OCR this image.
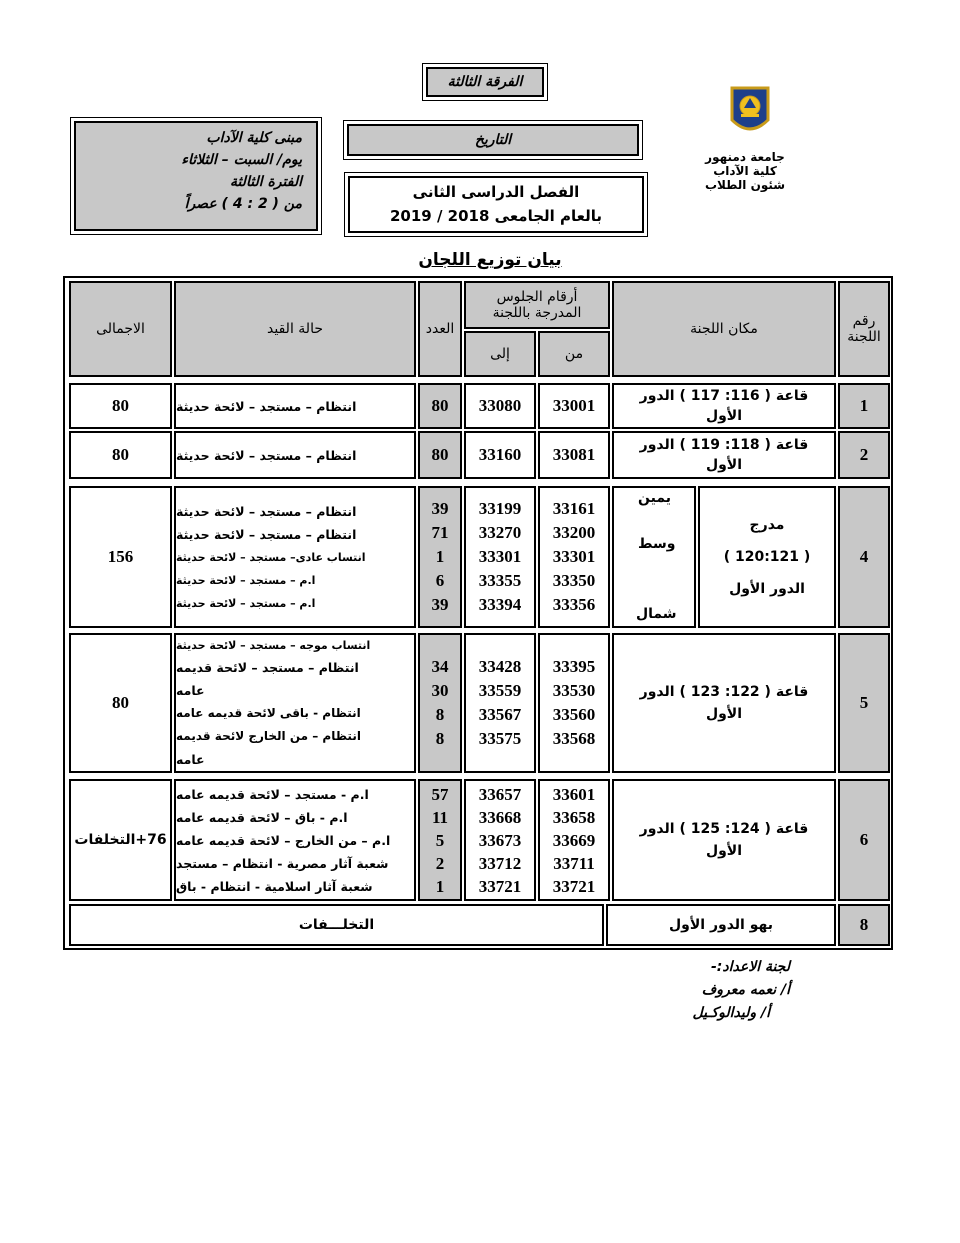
الفرقة الثالثة
التاريخ
الفصل الدراسى الثانى
بالعام الجامعى 2018 / 2019
مبنى كلية الآداب
يوم/ السبت – الثلاثاء
الفترة الثالثة
من ( 2 : 4 ) عصراً
جامعة دمنهور
كلية الآداب
شئون الطلاب
بيان توزيع اللجان
رقم
اللجنة
مكان اللجنة
أرقام الجلوس
المدرجة باللجنة
من
إلى
العدد
حالة القيد
الاجمالى
1
قاعة ( 116: 117 ) الدور الأول
33001
33080
80
انتظام – مستجد – لائحة حديثة
80
2
قاعة ( 118: 119 ) الدور الأول
33081
33160
80
انتظام – مستجد – لائحة حديثة
80
4
مدرج
( 120:121 )
الدور الأول
يمين
وسط
شمال
33161
33200
33301
33350
33356
33199
33270
33301
33355
33394
39
71
1
6
39
انتظام – مستجد – لائحة حديثة
انتظام – مستجد – لائحة حديثة
انتساب عادى– مستجد – لائحة حديثة
ا.م – مستجد – لائحة حديثة
ا.م – مستجد – لائحة حديثة
156
5
قاعة ( 122: 123 ) الدور الأول
33395
33530
33560
33568
33428
33559
33567
33575
34
30
8
8
انتساب موجه – مستجد – لائحة حديثة
انتظام – مستجد – لائحة قديمه
عامه
انتظام - باقى لائحة قديمه عامه
انتظام – من الخارج لائحة قديمه
عامه
80
6
قاعة ( 124: 125 ) الدور الأول
33601
33658
33669
33711
33721
33657
33668
33673
33712
33721
57
11
5
2
1
ا.م - مستجد – لائحة قديمه عامه
ا.م - باق – لائحة قديمه عامه
ا.م – من الخارج – لائحة قديمه عامه
شعبة آثار مصرية - انتظام – مستجد
شعبة آثار اسلامية - انتظام - باق
76+التخلفات
8
بهو الدور الأول
التخلـــفات
لجنة الاعداد:-
أ/ نعمه معروف
أ/ وليدالوكـيل
